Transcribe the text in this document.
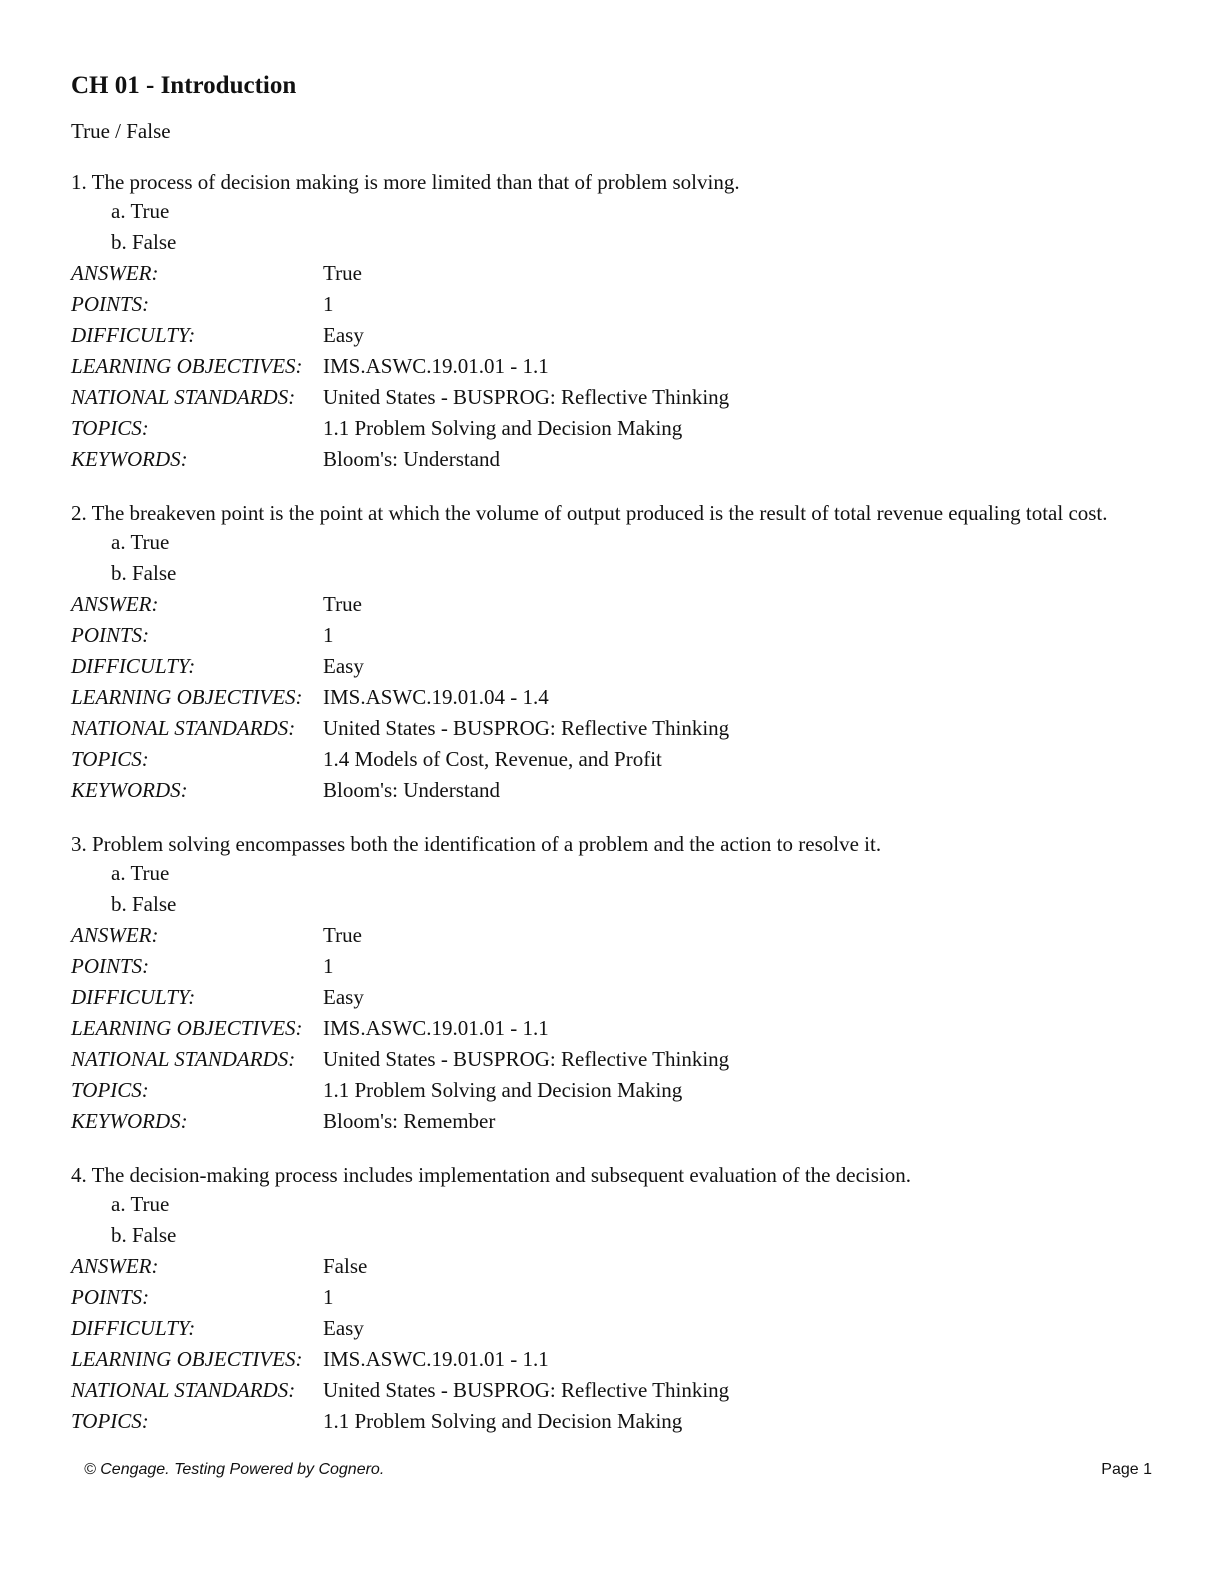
CH 01 - Introduction
True / False
1. The process of decision making is more limited than that of problem solving.
a. True
b. False
ANSWER:	True
POINTS:	1
DIFFICULTY:	Easy
LEARNING OBJECTIVES: IMS.ASWC.19.01.01 - 1.1
NATIONAL STANDARDS:	United States - BUSPROG: Reflective Thinking
TOPICS:	1.1 Problem Solving and Decision Making
KEYWORDS:	Bloom's: Understand
2. The breakeven point is the point at which the volume of output produced is the result of total revenue equaling total cost.
a. True
b. False
ANSWER:	True
POINTS:	1
DIFFICULTY:	Easy
LEARNING OBJECTIVES: IMS.ASWC.19.01.04 - 1.4
NATIONAL STANDARDS:	United States - BUSPROG: Reflective Thinking
TOPICS:	1.4 Models of Cost, Revenue, and Profit
KEYWORDS:	Bloom's: Understand
3. Problem solving encompasses both the identification of a problem and the action to resolve it.
a. True
b. False
ANSWER:	True
POINTS:	1
DIFFICULTY:	Easy
LEARNING OBJECTIVES: IMS.ASWC.19.01.01 - 1.1
NATIONAL STANDARDS:	United States - BUSPROG: Reflective Thinking
TOPICS:	1.1 Problem Solving and Decision Making
KEYWORDS:	Bloom's: Remember
4. The decision-making process includes implementation and subsequent evaluation of the decision.
a. True
b. False
ANSWER:	False
POINTS:	1
DIFFICULTY:	Easy
LEARNING OBJECTIVES: IMS.ASWC.19.01.01 - 1.1
NATIONAL STANDARDS:	United States - BUSPROG: Reflective Thinking
TOPICS:	1.1 Problem Solving and Decision Making
© Cengage. Testing Powered by Cognero.	Page 1
